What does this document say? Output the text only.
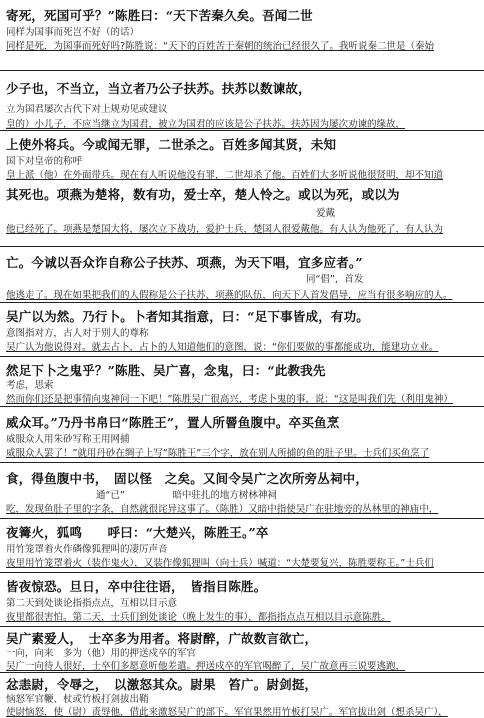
寄死，死国可乎？”陈胜曰：“天下苦秦久矣。吾闻二世
同样为国事而死岂不好（的话）
同样是死，为国事而死好吗?陈胜说：“天下的百姓苦于秦朝的统治已经很久了。我听说秦二世是（秦始
少子也，不当立，当立者乃公子扶苏。扶苏以数谏故，
立为国君屡次古代下对上规劝见或建议
皇的）小儿子，不应当继立为国君，被立为国君的应该是公子扶苏。扶苏因为屡次劝谏的缘故，
上使外将兵。今或闻无罪，二世杀之。百姓多闻其贤，未知
国下对皇帝的称呼
皇上派（他）在外面带兵。现在有人听说他没有罪，二世却杀了他。百姓们大多听说他很贤明，却不知道
其死也。项燕为楚将，数有功，爱士卒，楚人怜之。或以为死，或以为
爱戴
他已经死了。项燕是楚国大将，屡次立下战功，爱护士兵，楚国人很爱戴他。有人认为他死了，有人认为
亡。今诚以吾众诈自称公子扶苏、项燕，为天下唱，宜多应者。”
同“倡”，首发
他逃走了。现在如果把我们的人假称是公子扶苏、项燕的队伍，向天下人首发倡导，应当有很多响应的人。
吴广以为然。乃行卜。卜者知其指意，曰：“足下事皆成，有功。
意图指对方，古人对于别人的尊称
吴广认为他说得对。就去占卜，占卜的人知道他们的意图，说：“你们要做的事都能成功，能建功立业。
然足下卜之鬼乎？”陈胜、吴广喜，念鬼，曰：“此教我先
考虑，思索
然而你们还是把事情向鬼神问一下吧！”陈胜吴广很高兴，考虑卜鬼的事，说：“这是叫我们先（利用鬼神）
威众耳。”乃丹书帛曰“陈胜王”，置人所罾鱼腹中。卒买鱼烹
威服众人用朱砂写称王用网捕
威服众人罢了！”就用丹砂在绸子上写“陈胜王”三个字，放在别人所捕的鱼的肚子里。士兵们买鱼烹了
食，得鱼腹中书，　固以怪　之矣。又间令吴广之次所旁丛祠中，
通“已”　　　　　暗中驻扎的地方树林神祠
吃，发现鱼肚子里的字条，自然就很诧异这事了。（陈胜）又暗中指使吴广在驻地旁的丛林里的神庙中，
夜篝火，狐鸣　　呼曰：“大楚兴，陈胜王。”卒
用竹笼罩着火作磷像狐狸叫的凄厉声音
夜里用竹笼罩着火（装作鬼火），又装作像狐狸叫（向士兵）喊道：“大楚要复兴，陈胜要称王。”士兵们
皆夜惊恐。旦日，卒中往往语，　皆指目陈胜。
第二天到处谈论指指点点，互相以目示意
夜里都很害怕。第二天，士兵们到处谈论（晚上发生的事），都指指点点互相以目示意陈胜。
吴广素爱人，　士卒多为用者。将尉醉，广故数言欲亡，
一向，向来　多为（他）用的押送戍卒的军官
吴广一向待人很好，士卒们多愿意听他差遣。押送戍卒的军官喝醉了，吴广故意再三说要逃跑，
忿恚尉，令辱之，　以激怒其众。尉果　笞广。尉剑挺，
恼怒军官鞭、杖或竹板打剑拔出鞘
使尉恼怒，使（尉）责辱他，借此来激怒吴广的部下。军官果然用竹板打吴广。军官拔出剑（想杀吴广），
